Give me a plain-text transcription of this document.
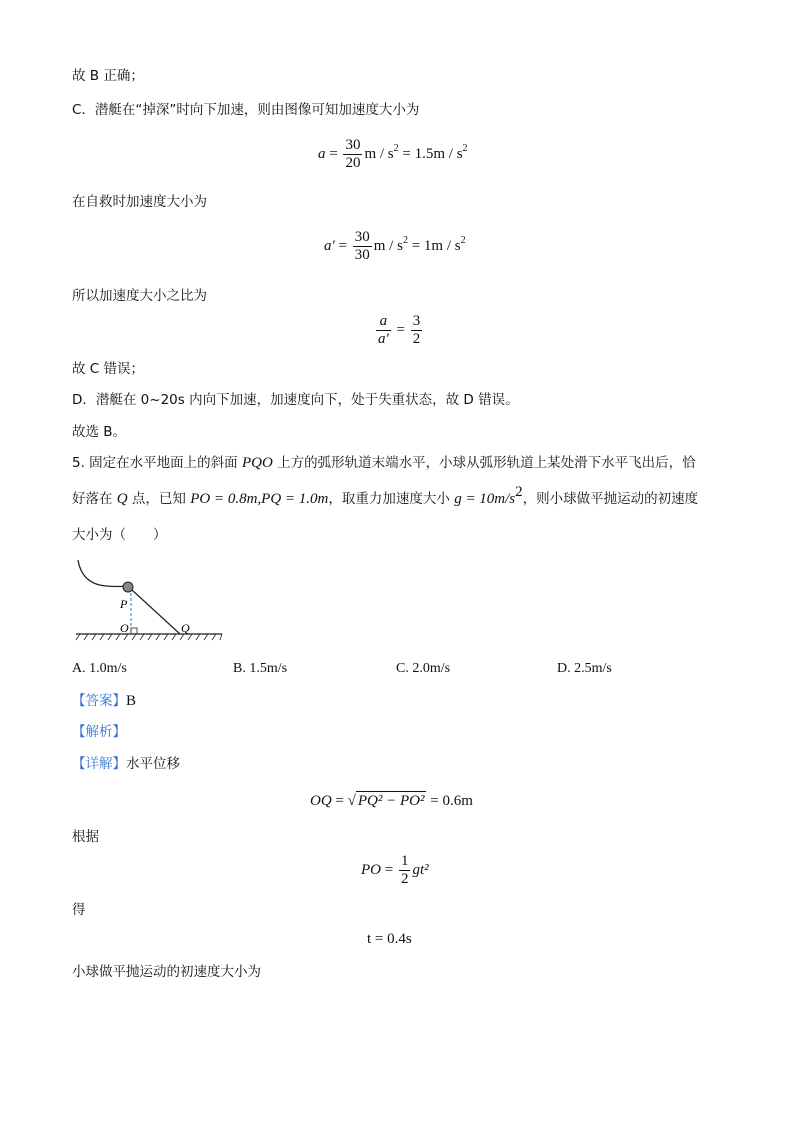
故 B 正确；
C．潜艇在“掉深”时向下加速，则由图像可知加速度大小为
$a = \frac{30}{20}$ $m / s^2 = 1.5m / s^2$
在自救时加速度大小为
$a' = \frac{30}{30}$ $m / s^2 = 1m / s^2$
所以加速度大小之比为
$\frac{a}{a'} = \frac{3}{2}$
故 C 错误；
D．潜艇在 0~20s 内向下加速，加速度向下，处于失重状态，故 D 错误。
故选 B。
5. 固定在水平地面上的斜面 PQO 上方的弧形轨道末端水平，小球从弧形轨道上某处滑下水平飞出后，恰
好落在 Q 点，已知 PO = 0.8m,PQ = 1.0m，取重力加速度大小 $g = 10m/s^2$，则小球做平抛运动的初速度
大小为（　　）
P
O	Q
A. 1.0m/s	B. 1.5m/s	C. 2.0m/s	D. 2.5m/s
【答案】B
【解析】
【详解】水平位移
OQ = √ PQ² − PO² = 0.6m
根据
PO = $\frac{1}{2} gt^2$
得
t = 0.4s
小球做平抛运动的初速度大小为
